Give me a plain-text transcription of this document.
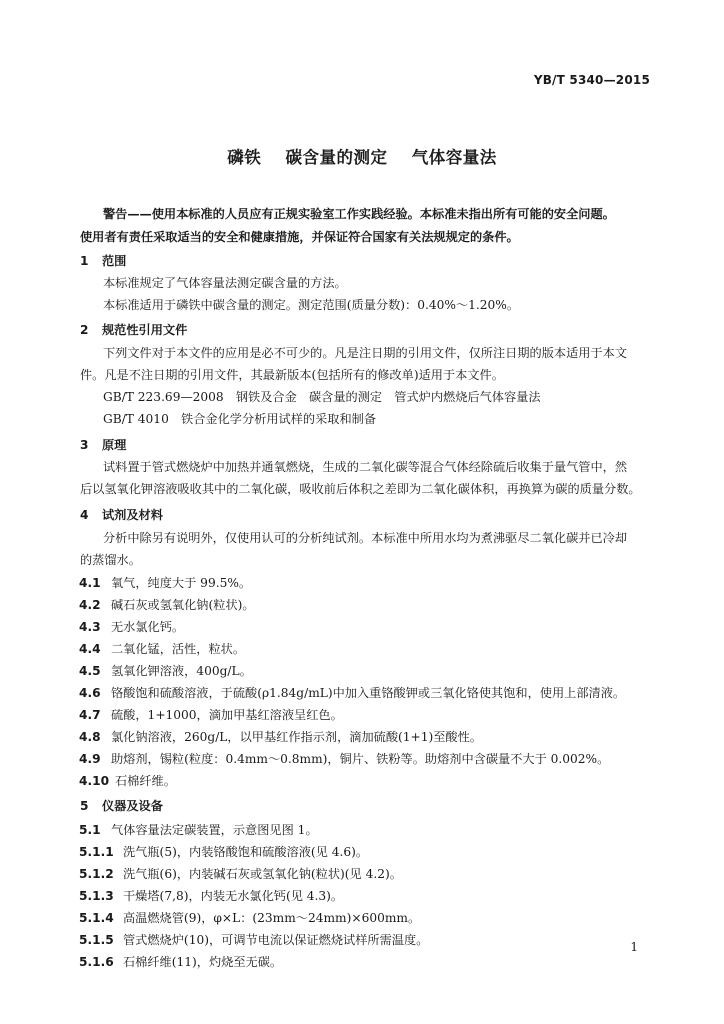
YB/T 5340—2015
磷铁 碳含量的测定 气体容量法
警告——使用本标准的人员应有正规实验室工作实践经验。本标准未指出所有可能的安全问题。
使用者有责任采取适当的安全和健康措施，并保证符合国家有关法规规定的条件。
1 范围
本标准规定了气体容量法测定碳含量的方法。
本标准适用于磷铁中碳含量的测定。测定范围(质量分数)：0.40%～1.20%。
2 规范性引用文件
下列文件对于本文件的应用是必不可少的。凡是注日期的引用文件，仅所注日期的版本适用于本文
件。凡是不注日期的引用文件，其最新版本(包括所有的修改单)适用于本文件。
GB/T 223.69—2008　钢铁及合金　碳含量的测定　管式炉内燃烧后气体容量法
GB/T 4010　铁合金化学分析用试样的采取和制备
3 原理
试料置于管式燃烧炉中加热并通氧燃烧，生成的二氧化碳等混合气体经除硫后收集于量气管中，然
后以氢氧化钾溶液吸收其中的二氧化碳，吸收前后体积之差即为二氧化碳体积，再换算为碳的质量分数。
4 试剂及材料
分析中除另有说明外，仅使用认可的分析纯试剂。本标准中所用水均为煮沸驱尽二氧化碳并已冷却
的蒸馏水。
4.1 氧气，纯度大于 99.5%。
4.2 碱石灰或氢氧化钠(粒状)。
4.3 无水氯化钙。
4.4 二氧化锰，活性，粒状。
4.5 氢氧化钾溶液，400g/L。
4.6 铬酸饱和硫酸溶液，于硫酸(ρ1.84g/mL)中加入重铬酸钾或三氧化铬使其饱和，使用上部清液。
4.7 硫酸，1+1000，滴加甲基红溶液呈红色。
4.8 氯化钠溶液，260g/L，以甲基红作指示剂，滴加硫酸(1+1)至酸性。
4.9 助熔剂，锡粒(粒度：0.4mm～0.8mm)，铜片、铁粉等。助熔剂中含碳量不大于 0.002%。
4.10 石棉纤维。
5 仪器及设备
5.1 气体容量法定碳装置，示意图见图 1。
5.1.1 洗气瓶(5)，内装铬酸饱和硫酸溶液(见 4.6)。
5.1.2 洗气瓶(6)，内装碱石灰或氢氧化钠(粒状)(见 4.2)。
5.1.3 干燥塔(7,8)，内装无水氯化钙(见 4.3)。
5.1.4 高温燃烧管(9)，φ×L：(23mm～24mm)×600mm。
5.1.5 管式燃烧炉(10)，可调节电流以保证燃烧试样所需温度。
5.1.6 石棉纤维(11)，灼烧至无碳。
1
